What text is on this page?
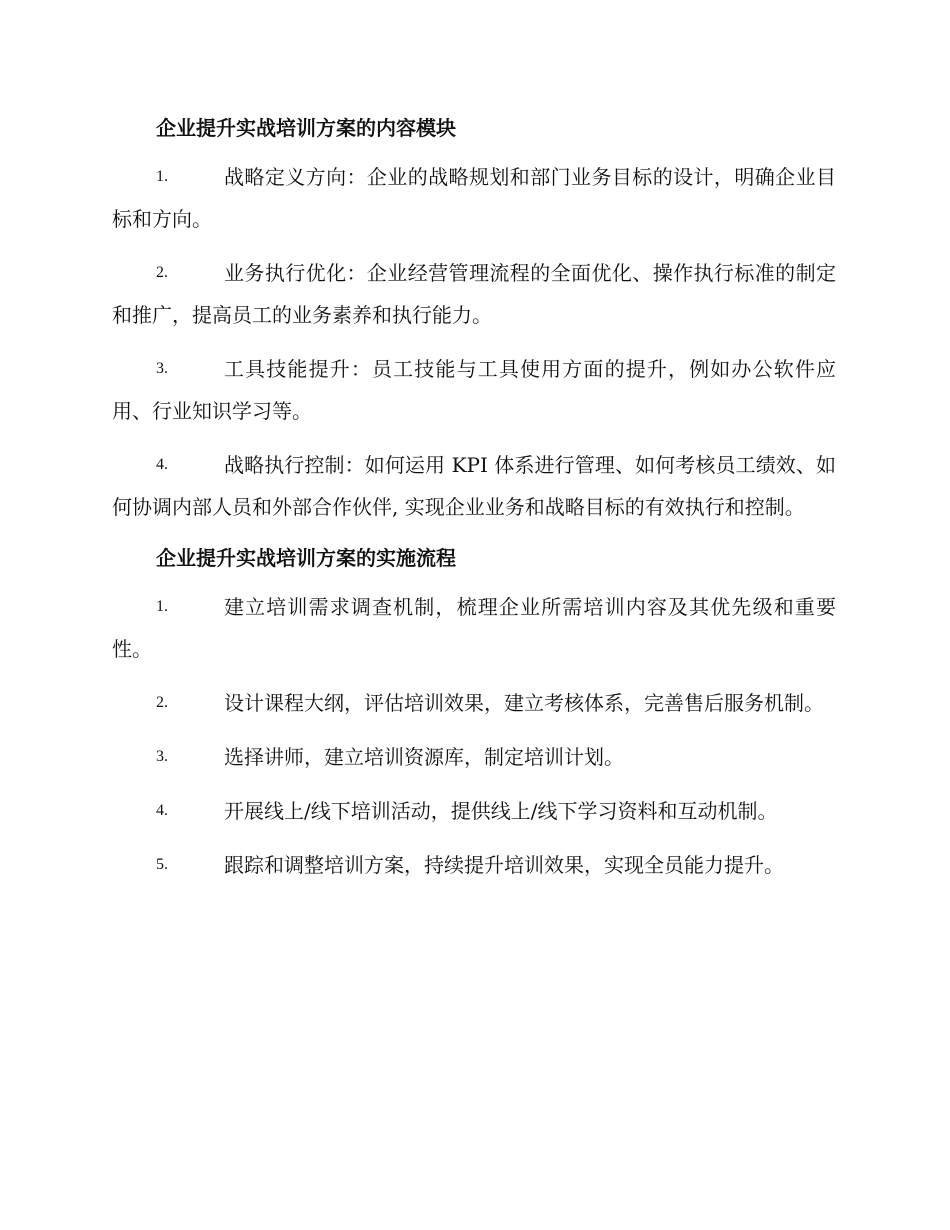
企业提升实战培训方案的内容模块
1.	战略定义方向：企业的战略规划和部门业务目标的设计，明确企业目标和方向。
2.	业务执行优化：企业经营管理流程的全面优化、操作执行标准的制定和推广，提高员工的业务素养和执行能力。
3.	工具技能提升：员工技能与工具使用方面的提升，例如办公软件应用、行业知识学习等。
4.	战略执行控制：如何运用 KPI 体系进行管理、如何考核员工绩效、如何协调内部人员和外部合作伙伴, 实现企业业务和战略目标的有效执行和控制。
企业提升实战培训方案的实施流程
1.	建立培训需求调查机制，梳理企业所需培训内容及其优先级和重要性。
2.	设计课程大纲，评估培训效果，建立考核体系，完善售后服务机制。
3.	选择讲师，建立培训资源库，制定培训计划。
4.	开展线上/线下培训活动，提供线上/线下学习资料和互动机制。
5.	跟踪和调整培训方案，持续提升培训效果，实现全员能力提升。
